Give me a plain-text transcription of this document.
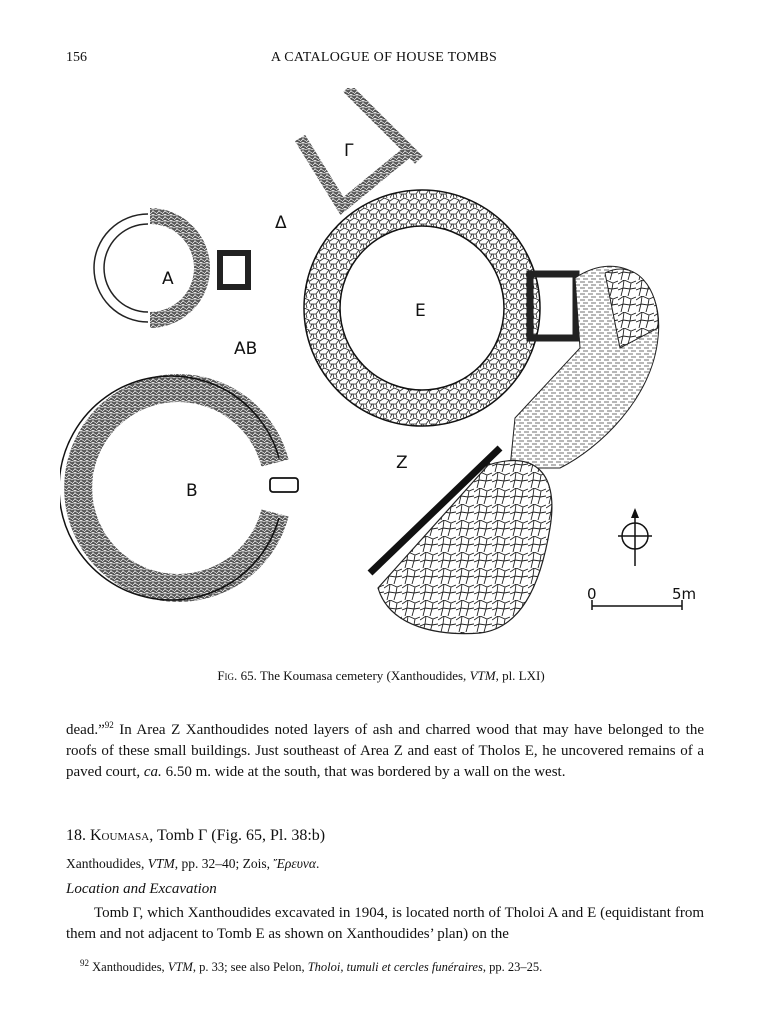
156	A CATALOGUE OF HOUSE TOMBS
Γ
Δ
A
AB
E
B
Z
0	5m
Fig. 65. The Koumasa cemetery (Xanthoudides, VTM, pl. LXI)
dead.”$^{92}$ In Area Z Xanthoudides noted layers of ash and charred wood that may have belonged to the roofs of these small buildings. Just southeast of Area Z and east of Tholos E, he uncovered remains of a paved court, ca. 6.50 m. wide at the south, that was bordered by a wall on the west.
18. Koumasa, Tomb Γ (Fig. 65, Pl. 38:b)
Xanthoudides, VTM, pp. 32–40; Zois, Ἔρευνα.
Location and Excavation
Tomb Γ, which Xanthoudides excavated in 1904, is located north of Tholoi A and E (equidistant from them and not adjacent to Tomb E as shown on Xanthoudides’ plan) on the
$^{92}$ Xanthoudides, VTM, p. 33; see also Pelon, Tholoi, tumuli et cercles funéraires, pp. 23–25.
